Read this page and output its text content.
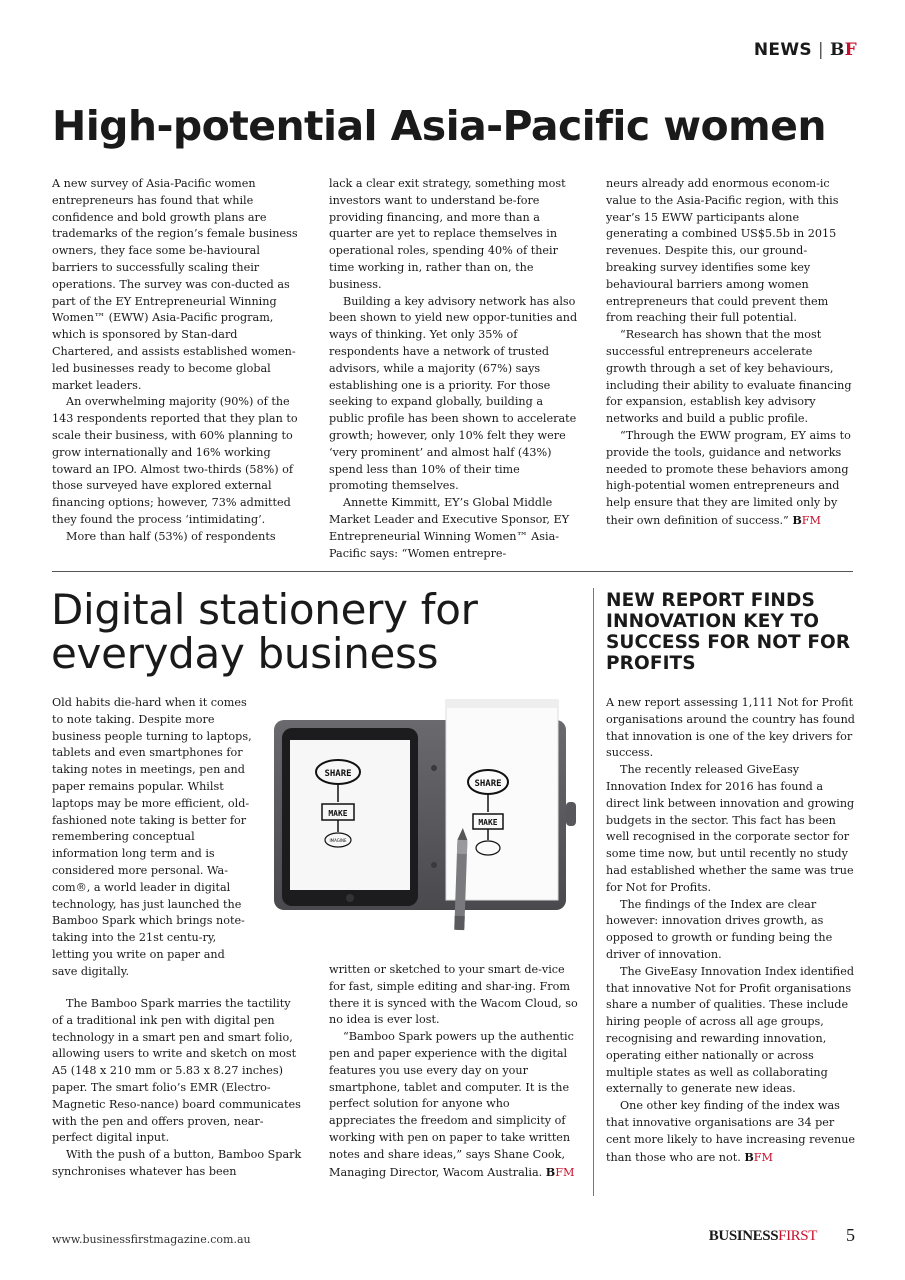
NEWS | BF
High-potential Asia-Pacific women

A new survey of Asia-Pacific women entrepreneurs has found that while confidence and bold growth plans are trademarks of the region’s female business owners, they face some be-havioural barriers to successfully scaling their operations. The survey was con-ducted as part of the EY Entrepreneurial Winning Women™ (EWW) Asia-Pacific program, which is sponsored by Stan-dard Chartered, and assists established women-led businesses ready to become global market leaders.

An overwhelming majority (90%) of the 143 respondents reported that they plan to scale their business, with 60% planning to grow internationally and 16% working toward an IPO. Almost two-thirds (58%) of those surveyed have explored external financing options; however, 73% admitted they found the process ‘intimidating’.

More than half (53%) of respondents

lack a clear exit strategy, something most investors want to understand be-fore providing financing, and more than a quarter are yet to replace themselves in operational roles, spending 40% of their time working in, rather than on, the business.

Building a key advisory network has also been shown to yield new oppor-tunities and ways of thinking. Yet only 35% of respondents have a network of trusted advisors, while a majority (67%) says establishing one is a priority. For those seeking to expand globally, building a public profile has been shown to accelerate growth; however, only 10% felt they were ‘very prominent’ and almost half (43%) spend less than 10% of their time promoting themselves.

Annette Kimmitt, EY’s Global Middle Market Leader and Executive Sponsor, EY Entrepreneurial Winning Women™ Asia-Pacific says: “Women entrepre-

neurs already add enormous econom-ic value to the Asia-Pacific region, with this year’s 15 EWW participants alone generating a combined US$5.5b in 2015 revenues. Despite this, our ground-breaking survey identifies some key behavioural barriers among women entrepreneurs that could prevent them from reaching their full potential.

“Research has shown that the most successful entrepreneurs accelerate growth through a set of key behaviours, including their ability to evaluate financing for expansion, establish key advisory networks and build a public profile.

“Through the EWW program, EY aims to provide the tools, guidance and networks needed to promote these behaviors among high-potential women entrepreneurs and help ensure that they are limited only by their own definition of success.” BFM

Digital stationery for
everyday business

Old habits die-hard when it comes to note taking. Despite more business people turning to laptops, tablets and even smartphones for taking notes in meetings, pen and paper remains popular. Whilst laptops may be more efficient, old-fashioned note taking is better for remembering conceptual information long term and is considered more personal. Wa-com®, a world leader in digital technology, has just launched the Bamboo Spark which brings note-taking into the 21st centu-ry, letting you write on paper and save digitally.

The Bamboo Spark marries the tactility of a traditional ink pen with digital pen technology in a smart pen and smart folio, allowing users to write and sketch on most A5 (148 x 210 mm or 5.83 x 8.27 inches) paper. The smart folio’s EMR (Electro-Magnetic Reso-nance) board communicates with the pen and offers proven, near-perfect digital input.

With the push of a button, Bamboo Spark synchronises whatever has been

written or sketched to your smart de-vice for fast, simple editing and shar-ing. From there it is synced with the Wacom Cloud, so no idea is ever lost.

“Bamboo Spark powers up the authentic pen and paper experience with the digital features you use every day on your smartphone, tablet and computer. It is the perfect solution for anyone who appreciates the freedom and simplicity of working with pen on paper to take written notes and share ideas,” says Shane Cook, Managing Director, Wacom Australia. BFM

SHARE
MAKE
IMAGINE
SHARE
MAKE
NEW REPORT FINDS INNOVATION KEY TO SUCCESS FOR NOT FOR PROFITS

A new report assessing 1,111 Not for Profit organisations around the country has found that innovation is one of the key drivers for success.

The recently released GiveEasy Innovation Index for 2016 has found a direct link between innovation and growing budgets in the sector. This fact has been well recognised in the corporate sector for some time now, but until recently no study had established whether the same was true for Not for Profits.

The findings of the Index are clear however: innovation drives growth, as opposed to growth or funding being the driver of innovation.

The GiveEasy Innovation Index identified that innovative Not for Profit organisations share a number of qualities. These include hiring people of across all age groups, recognising and rewarding innovation, operating either nationally or across multiple states as well as collaborating externally to generate new ideas.

One other key finding of the index was that innovative organisations are 34 per cent more likely to have increasing revenue than those who are not. BFM

www.businessfirstmagazine.com.au	BUSINESSFIRST 5
